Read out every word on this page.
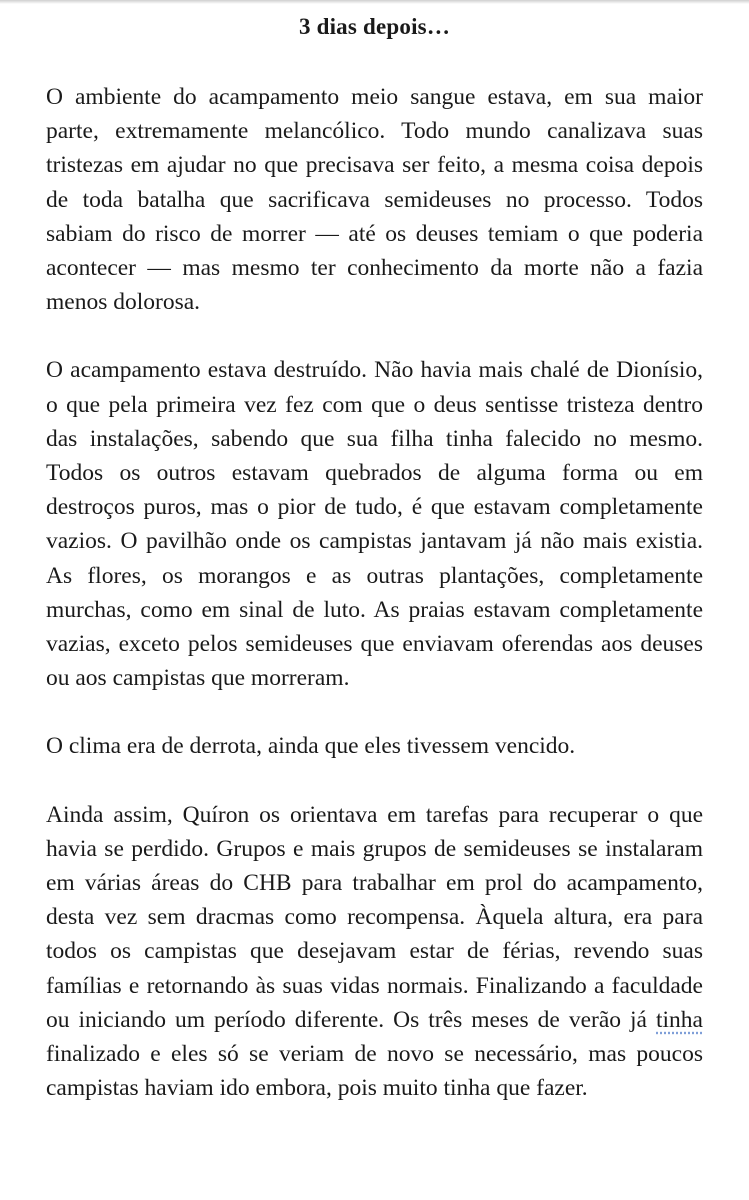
3 dias depois…

O ambiente do acampamento meio sangue estava, em sua maior parte, extremamente melancólico. Todo mundo canalizava suas tristezas em ajudar no que precisava ser feito, a mesma coisa depois de toda batalha que sacrificava semideuses no processo. Todos sabiam do risco de morrer — até os deuses temiam o que poderia acontecer — mas mesmo ter conhecimento da morte não a fazia menos dolorosa.

O acampamento estava destruído. Não havia mais chalé de Dionísio, o que pela primeira vez fez com que o deus sentisse tristeza dentro das instalações, sabendo que sua filha tinha falecido no mesmo. Todos os outros estavam quebrados de alguma forma ou em destroços puros, mas o pior de tudo, é que estavam completamente vazios. O pavilhão onde os campistas jantavam já não mais existia. As flores, os morangos e as outras plantações, completamente murchas, como em sinal de luto. As praias estavam completamente vazias, exceto pelos semideuses que enviavam oferendas aos deuses ou aos campistas que morreram.

O clima era de derrota, ainda que eles tivessem vencido.

Ainda assim, Quíron os orientava em tarefas para recuperar o que havia se perdido. Grupos e mais grupos de semideuses se instalaram em várias áreas do CHB para trabalhar em prol do acampamento, desta vez sem dracmas como recompensa. Àquela altura, era para todos os campistas que desejavam estar de férias, revendo suas famílias e retornando às suas vidas normais. Finalizando a faculdade ou iniciando um período diferente. Os três meses de verão já tinha finalizado e eles só se veriam de novo se necessário, mas poucos campistas haviam ido embora, pois muito tinha que fazer.
